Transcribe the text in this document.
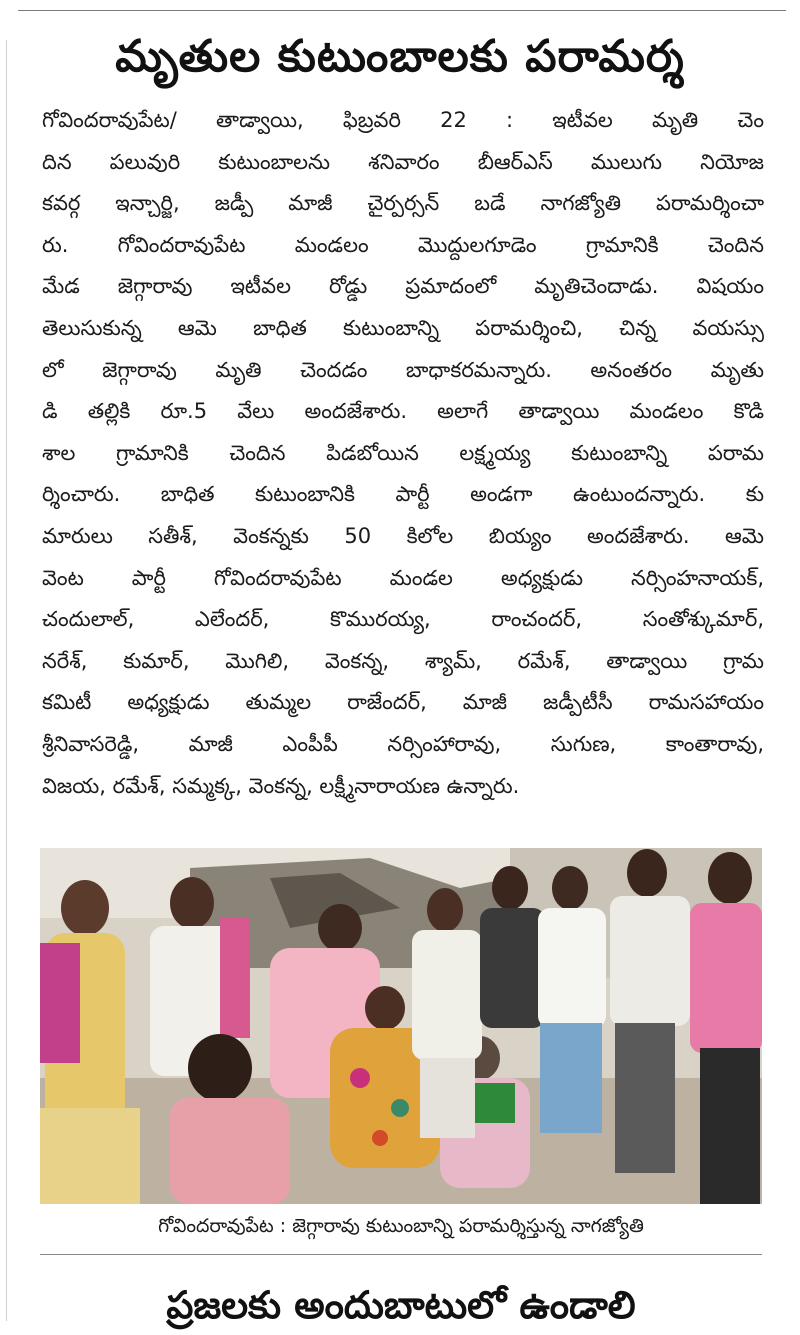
మృతుల కుటుంబాలకు పరామర్శ
గోవిందరావుపేట/ తాడ్వాయి, ఫిబ్రవరి 22 : ఇటీవల మృతి చెం
దిన పలువురి కుటుంబాలను శనివారం బీఆర్ఎస్ ములుగు నియోజ
కవర్గ ఇన్చార్జి, జడ్పీ మాజీ చైర్పర్సన్ బడే నాగజ్యోతి పరామర్శించా
రు. గోవిందరావుపేట మండలం మొద్దులగూడెం గ్రామానికి చెందిన
మేడ జెగ్గారావు ఇటీవల రోడ్డు ప్రమాదంలో మృతిచెందాడు. విషయం
తెలుసుకున్న ఆమె బాధిత కుటుంబాన్ని పరామర్శించి, చిన్న వయస్సు
లో జెగ్గారావు మృతి చెందడం బాధాకరమన్నారు. అనంతరం మృతు
డి తల్లికి రూ.5 వేలు అందజేశారు. అలాగే తాడ్వాయి మండలం కొడి
శాల గ్రామానికి చెందిన పిడబోయిన లక్ష్మయ్య కుటుంబాన్ని పరామ
ర్శించారు. బాధిత కుటుంబానికి పార్టీ అండగా ఉంటుందన్నారు. కు
మారులు సతీశ్, వెంకన్నకు 50 కిలోల బియ్యం అందజేశారు. ఆమె
వెంట పార్టీ గోవిందరావుపేట మండల అధ్యక్షుడు నర్సింహనాయక్,
చందులాల్, ఎలేందర్, కొమురయ్య, రాంచందర్, సంతోశ్కుమార్,
నరేశ్, కుమార్, మొగిలి, వెంకన్న, శ్యామ్, రమేశ్, తాడ్వాయి గ్రామ
కమిటీ అధ్యక్షుడు తుమ్మల రాజేందర్, మాజీ జడ్పీటీసీ రామసహాయం
శ్రీనివాసరెడ్డి, మాజీ ఎంపీపీ నర్సింహారావు, సుగుణ, కాంతారావు,
విజయ, రమేశ్, సమ్మక్క, వెంకన్న, లక్ష్మీనారాయణ ఉన్నారు.
గోవిందరావుపేట : జెగ్గారావు కుటుంబాన్ని పరామర్శిస్తున్న నాగజ్యోతి
ప్రజలకు అందుబాటులో ఉండాలి
